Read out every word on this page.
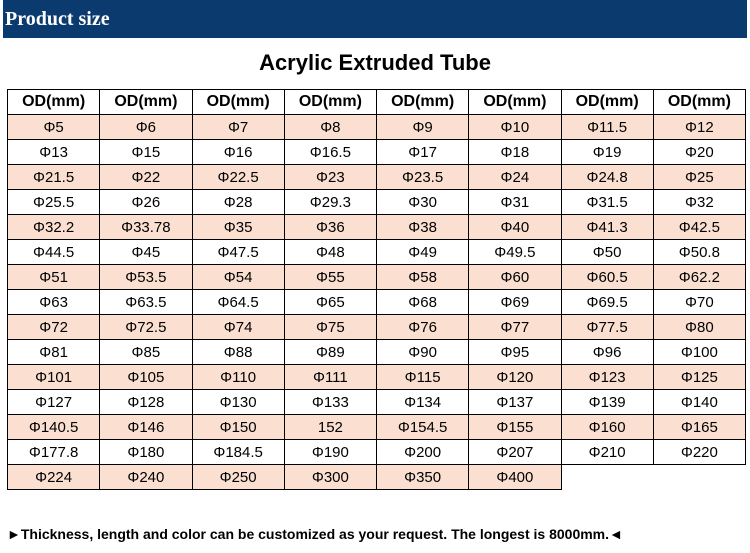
Product size
Acrylic Extruded Tube
OD(mm)	OD(mm)	OD(mm)	OD(mm)	OD(mm)	OD(mm)	OD(mm)	OD(mm)
Φ5	Φ6	Φ7	Φ8	Φ9	Φ10	Φ11.5	Φ12
Φ13	Φ15	Φ16	Φ16.5	Φ17	Φ18	Φ19	Φ20
Φ21.5	Φ22	Φ22.5	Φ23	Φ23.5	Φ24	Φ24.8	Φ25
Φ25.5	Φ26	Φ28	Φ29.3	Φ30	Φ31	Φ31.5	Φ32
Φ32.2	Φ33.78	Φ35	Φ36	Φ38	Φ40	Φ41.3	Φ42.5
Φ44.5	Φ45	Φ47.5	Φ48	Φ49	Φ49.5	Φ50	Φ50.8
Φ51	Φ53.5	Φ54	Φ55	Φ58	Φ60	Φ60.5	Φ62.2
Φ63	Φ63.5	Φ64.5	Φ65	Φ68	Φ69	Φ69.5	Φ70
Φ72	Φ72.5	Φ74	Φ75	Φ76	Φ77	Φ77.5	Φ80
Φ81	Φ85	Φ88	Φ89	Φ90	Φ95	Φ96	Φ100
Φ101	Φ105	Φ110	Φ111	Φ115	Φ120	Φ123	Φ125
Φ127	Φ128	Φ130	Φ133	Φ134	Φ137	Φ139	Φ140
Φ140.5	Φ146	Φ150	152	Φ154.5	Φ155	Φ160	Φ165
Φ177.8	Φ180	Φ184.5	Φ190	Φ200	Φ207	Φ210	Φ220
Φ224	Φ240	Φ250	Φ300	Φ350	Φ400		
►Thickness, length and color can be customized as your request. The longest is 8000mm.◄
